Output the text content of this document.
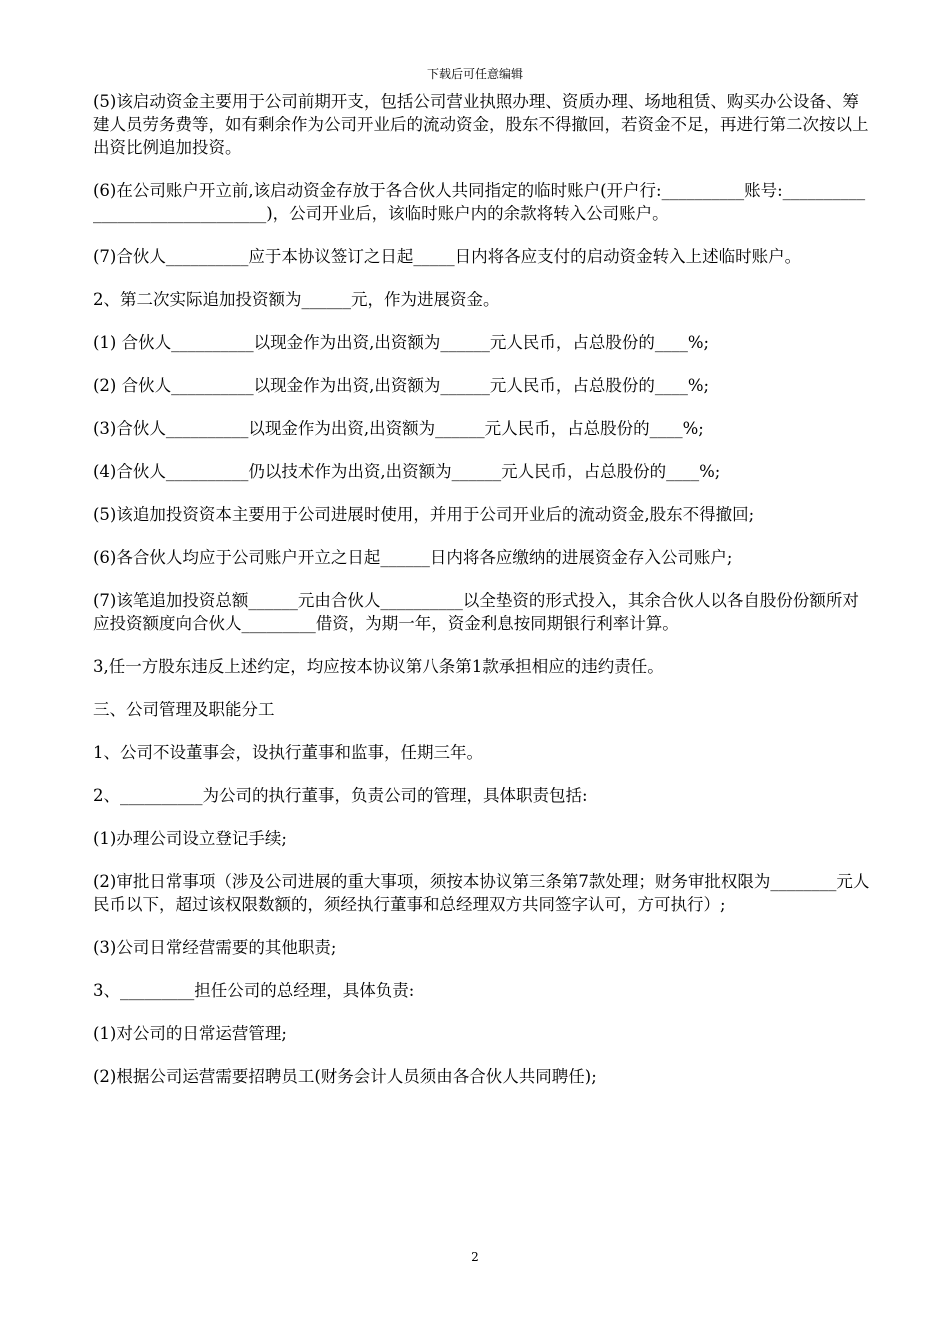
下载后可任意编辑

(5)该启动资金主要用于公司前期开支，包括公司营业执照办理、资质办理、场地租赁、购买办公设备、筹建人员劳务费等，如有剩余作为公司开业后的流动资金，股东不得撤回，若资金不足，再进行第二次按以上出资比例追加投资。

(6)在公司账户开立前,该启动资金存放于各合伙人共同指定的临时账户(开户行:__________账号:_______________________________)，公司开业后，该临时账户内的余款将转入公司账户。

(7)合伙人__________应于本协议签订之日起_____日内将各应支付的启动资金转入上述临时账户。

2、第二次实际追加投资额为______元，作为进展资金。

(1) 合伙人__________以现金作为出资,出资额为______元人民币，占总股份的____%;

(2) 合伙人__________以现金作为出资,出资额为______元人民币，占总股份的____%;

(3)合伙人__________以现金作为出资,出资额为______元人民币，占总股份的____%;

(4)合伙人__________仍以技术作为出资,出资额为______元人民币，占总股份的____%;

(5)该追加投资资本主要用于公司进展时使用，并用于公司开业后的流动资金,股东不得撤回;

(6)各合伙人均应于公司账户开立之日起______日内将各应缴纳的进展资金存入公司账户;

(7)该笔追加投资总额______元由合伙人__________以全垫资的形式投入，其余合伙人以各自股份份额所对应投资额度向合伙人_________借资，为期一年，资金利息按同期银行利率计算。

3,任一方股东违反上述约定，均应按本协议第八条第1款承担相应的违约责任。

三、公司管理及职能分工

1、公司不设董事会，设执行董事和监事，任期三年。

2、__________为公司的执行董事，负责公司的管理，具体职责包括:

(1)办理公司设立登记手续;

(2)审批日常事项（涉及公司进展的重大事项，须按本协议第三条第7款处理；财务审批权限为________元人民币以下，超过该权限数额的，须经执行董事和总经理双方共同签字认可，方可执行）;

(3)公司日常经营需要的其他职责;

3、_________担任公司的总经理，具体负责:

(1)对公司的日常运营管理;

(2)根据公司运营需要招聘员工(财务会计人员须由各合伙人共同聘任);

2
